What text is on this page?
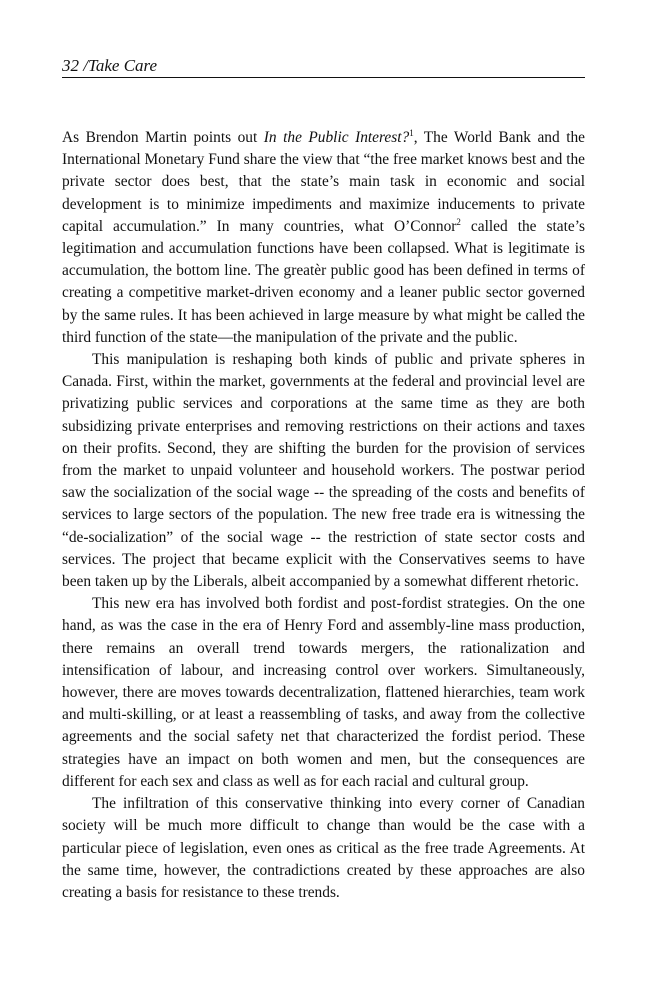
32 /Take Care

As Brendon Martin points out In the Public Interest?$^1$, The World Bank and the International Monetary Fund share the view that “the free market knows best and the private sector does best, that the state’s main task in economic and social development is to minimize impediments and maximize inducements to private capital accumulation.” In many countries, what O’Connor$^2$ called the state’s legitimation and accumulation functions have been collapsed. What is legitimate is accumulation, the bottom line. The greatèr public good has been defined in terms of creating a competitive market-driven economy and a leaner public sector governed by the same rules. It has been achieved in large measure by what might be called the third function of the state—the manipulation of the private and the public.

This manipulation is reshaping both kinds of public and private spheres in Canada. First, within the market, governments at the federal and provincial level are privatizing public services and corporations at the same time as they are both subsidizing private enterprises and removing restrictions on their actions and taxes on their profits. Second, they are shifting the burden for the provision of services from the market to unpaid volunteer and household workers. The postwar period saw the socialization of the social wage -- the spreading of the costs and benefits of services to large sectors of the population. The new free trade era is witnessing the “de-socialization” of the social wage -- the restriction of state sector costs and services. The project that became explicit with the Conservatives seems to have been taken up by the Liberals, albeit accompanied by a somewhat different rhetoric.

This new era has involved both fordist and post-fordist strategies. On the one hand, as was the case in the era of Henry Ford and assembly-line mass production, there remains an overall trend towards mergers, the rationalization and intensification of labour, and increasing control over workers. Simultaneously, however, there are moves towards decentralization, flattened hierarchies, team work and multi-skilling, or at least a reassembling of tasks, and away from the collective agreements and the social safety net that characterized the fordist period. These strategies have an impact on both women and men, but the consequences are different for each sex and class as well as for each racial and cultural group.

The infiltration of this conservative thinking into every corner of Canadian society will be much more difficult to change than would be the case with a particular piece of legislation, even ones as critical as the free trade Agreements. At the same time, however, the contradictions created by these approaches are also creating a basis for resistance to these trends.
